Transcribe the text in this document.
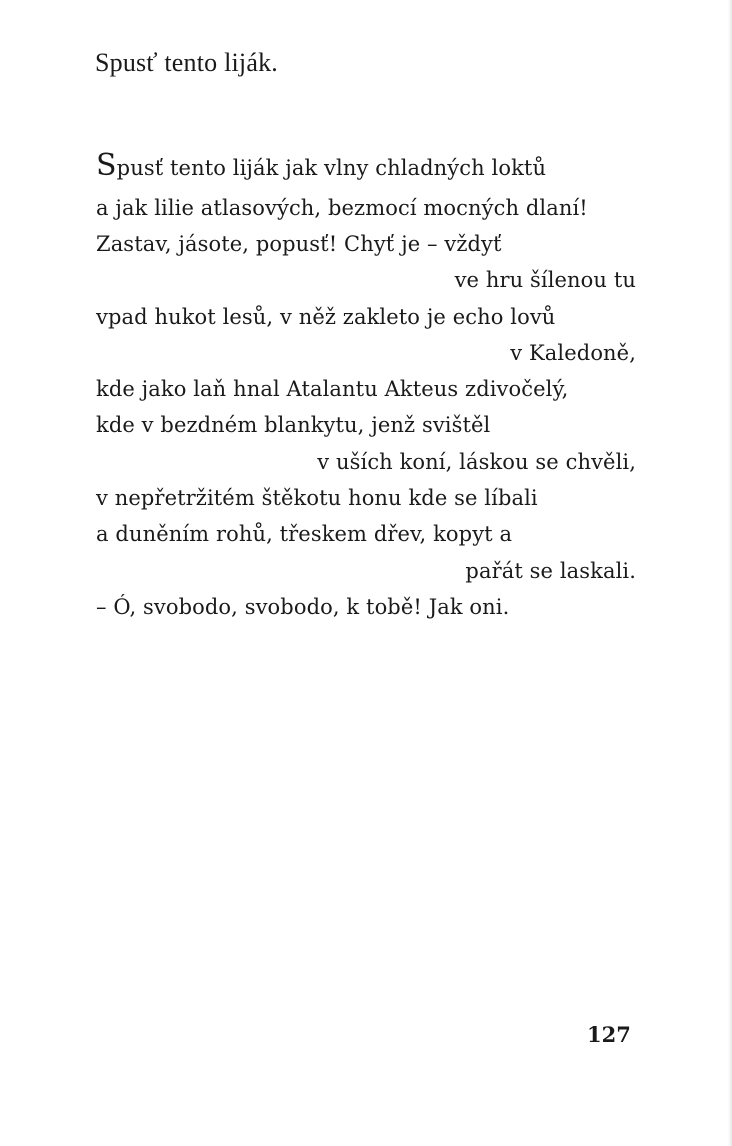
Spusť tento liják.
Spusť tento liják jak vlny chladných loktů
a jak lilie atlasových, bezmocí mocných dlaní!
Zastav, jásote, popusť! Chyť je – vždyť
ve hru šílenou tu
vpad hukot lesů, v něž zakleto je echo lovů
v Kaledoně,
kde jako laň hnal Atalantu Akteus zdivočelý,
kde v bezdném blankytu, jenž svištěl
v uších koní, láskou se chvěli,
v nepřetržitém štěkotu honu kde se líbali
a duněním rohů, třeskem dřev, kopyt a
pařát se laskali.
– Ó, svobodo, svobodo, k tobě! Jak oni.
127
